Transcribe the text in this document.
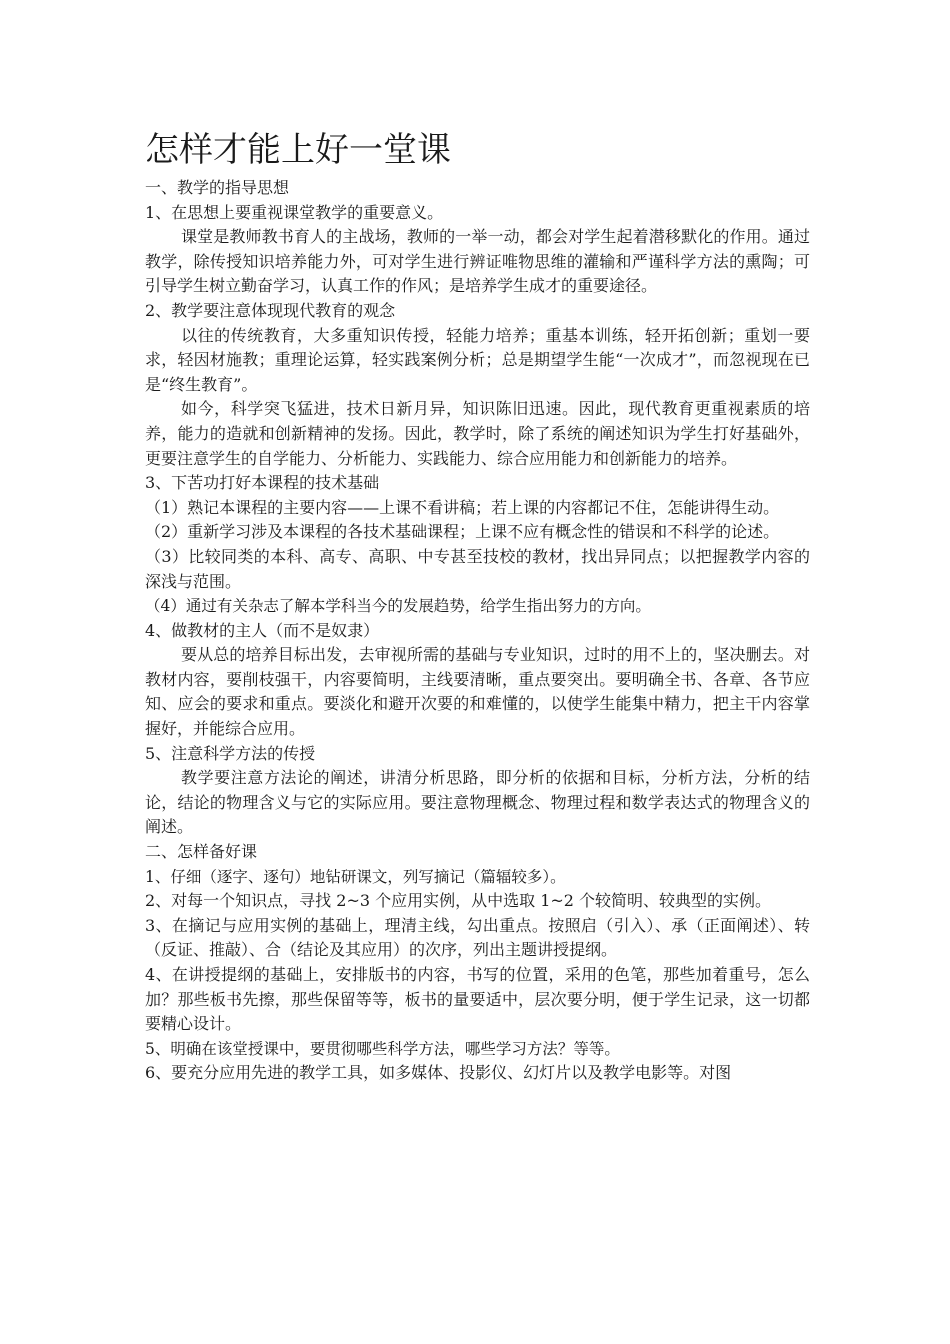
怎样才能上好一堂课

一、教学的指导思想

1、在思想上要重视课堂教学的重要意义。

课堂是教师教书育人的主战场，教师的一举一动，都会对学生起着潜移默化的作用。通过教学，除传授知识培养能力外，可对学生进行辨证唯物思维的灌输和严谨科学方法的熏陶；可引导学生树立勤奋学习，认真工作的作风；是培养学生成才的重要途径。

2、教学要注意体现现代教育的观念

以往的传统教育，大多重知识传授，轻能力培养；重基本训练，轻开拓创新；重划一要求，轻因材施教；重理论运算，轻实践案例分析；总是期望学生能“一次成才”，而忽视现在已是“终生教育”。

如今，科学突飞猛进，技术日新月异，知识陈旧迅速。因此，现代教育更重视素质的培养，能力的造就和创新精神的发扬。因此，教学时，除了系统的阐述知识为学生打好基础外，更要注意学生的自学能力、分析能力、实践能力、综合应用能力和创新能力的培养。

3、下苦功打好本课程的技术基础

（1）熟记本课程的主要内容——上课不看讲稿；若上课的内容都记不住，怎能讲得生动。

（2）重新学习涉及本课程的各技术基础课程；上课不应有概念性的错误和不科学的论述。

（3）比较同类的本科、高专、高职、中专甚至技校的教材，找出异同点；以把握教学内容的深浅与范围。

（4）通过有关杂志了解本学科当今的发展趋势，给学生指出努力的方向。

4、做教材的主人（而不是奴隶）

要从总的培养目标出发，去审视所需的基础与专业知识，过时的用不上的，坚决删去。对教材内容，要削枝强干，内容要简明，主线要清晰，重点要突出。要明确全书、各章、各节应知、应会的要求和重点。要淡化和避开次要的和难懂的，以使学生能集中精力，把主干内容掌握好，并能综合应用。

5、注意科学方法的传授

教学要注意方法论的阐述，讲清分析思路，即分析的依据和目标，分析方法，分析的结论，结论的物理含义与它的实际应用。要注意物理概念、物理过程和数学表达式的物理含义的阐述。

二、怎样备好课

1、仔细（逐字、逐句）地钻研课文，列写摘记（篇辐较多）。

2、对每一个知识点，寻找 2~3 个应用实例，从中选取 1~2 个较简明、较典型的实例。

3、在摘记与应用实例的基础上，理清主线，勾出重点。按照启（引入）、承（正面阐述）、转（反证、推敲）、合（结论及其应用）的次序，列出主题讲授提纲。

4、在讲授提纲的基础上，安排版书的内容，书写的位置，采用的色笔，那些加着重号，怎么加？那些板书先擦，那些保留等等，板书的量要适中，层次要分明，便于学生记录，这一切都要精心设计。

5、明确在该堂授课中，要贯彻哪些科学方法，哪些学习方法？等等。

6、要充分应用先进的教学工具，如多媒体、投影仪、幻灯片以及教学电影等。对图
